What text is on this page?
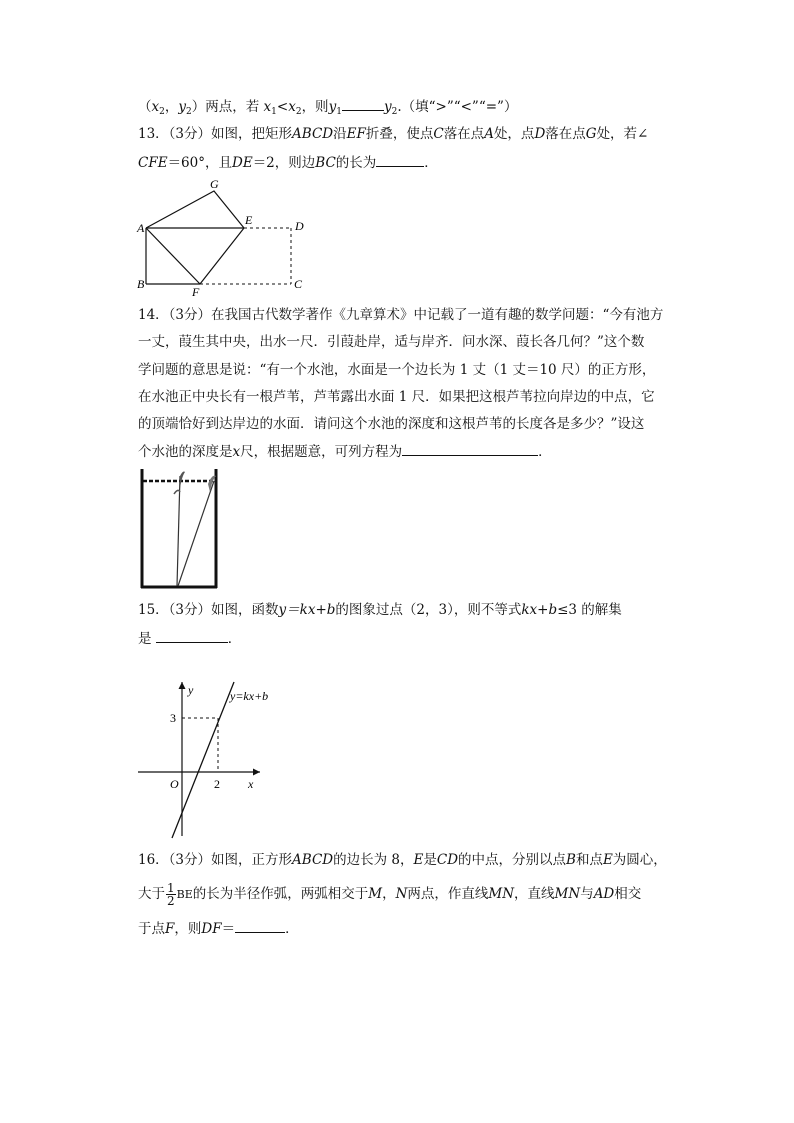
（$x_2$，$y_2$）两点，若 $x_1<x_2$，则$y_1$	$y_2$.（填“>”“<”“=”）
13．（3分）如图，把矩形ABCD沿EF折叠，使点C落在点A处，点D落在点G处，若∠
CFE＝60°，且DE＝2，则边BC的长为	．
G
A
E	D
B
F
C
14．（3分）在我国古代数学著作《九章算术》中记载了一道有趣的数学问题：“今有池方
一丈，葭生其中央，出水一尺．引葭赴岸，适与岸齐．问水深、葭长各几何？”这个数
学问题的意思是说：“有一个水池，水面是一个边长为 1 丈（1 丈＝10 尺）的正方形，
在水池正中央长有一根芦苇，芦苇露出水面 1 尺．如果把这根芦苇拉向岸边的中点，它
的顶端恰好到达岸边的水面．请问这个水池的深度和这根芦苇的长度各是多少？”设这
个水池的深度是x尺，根据题意，可列方程为	．
15．（3分）如图，函数y＝kx+b的图象过点（2，3），则不等式kx+b≤3 的解集
是	．
y
x
O	2
3
y=kx+b
16．（3分）如图，正方形ABCD的边长为 8，E是CD的中点，分别以点B和点E为圆心，
大于 $\frac{1}{2}$ BE的长为半径作弧，两弧相交于M，N两点，作直线MN，直线MN与AD相交
于点F，则DF＝	．
